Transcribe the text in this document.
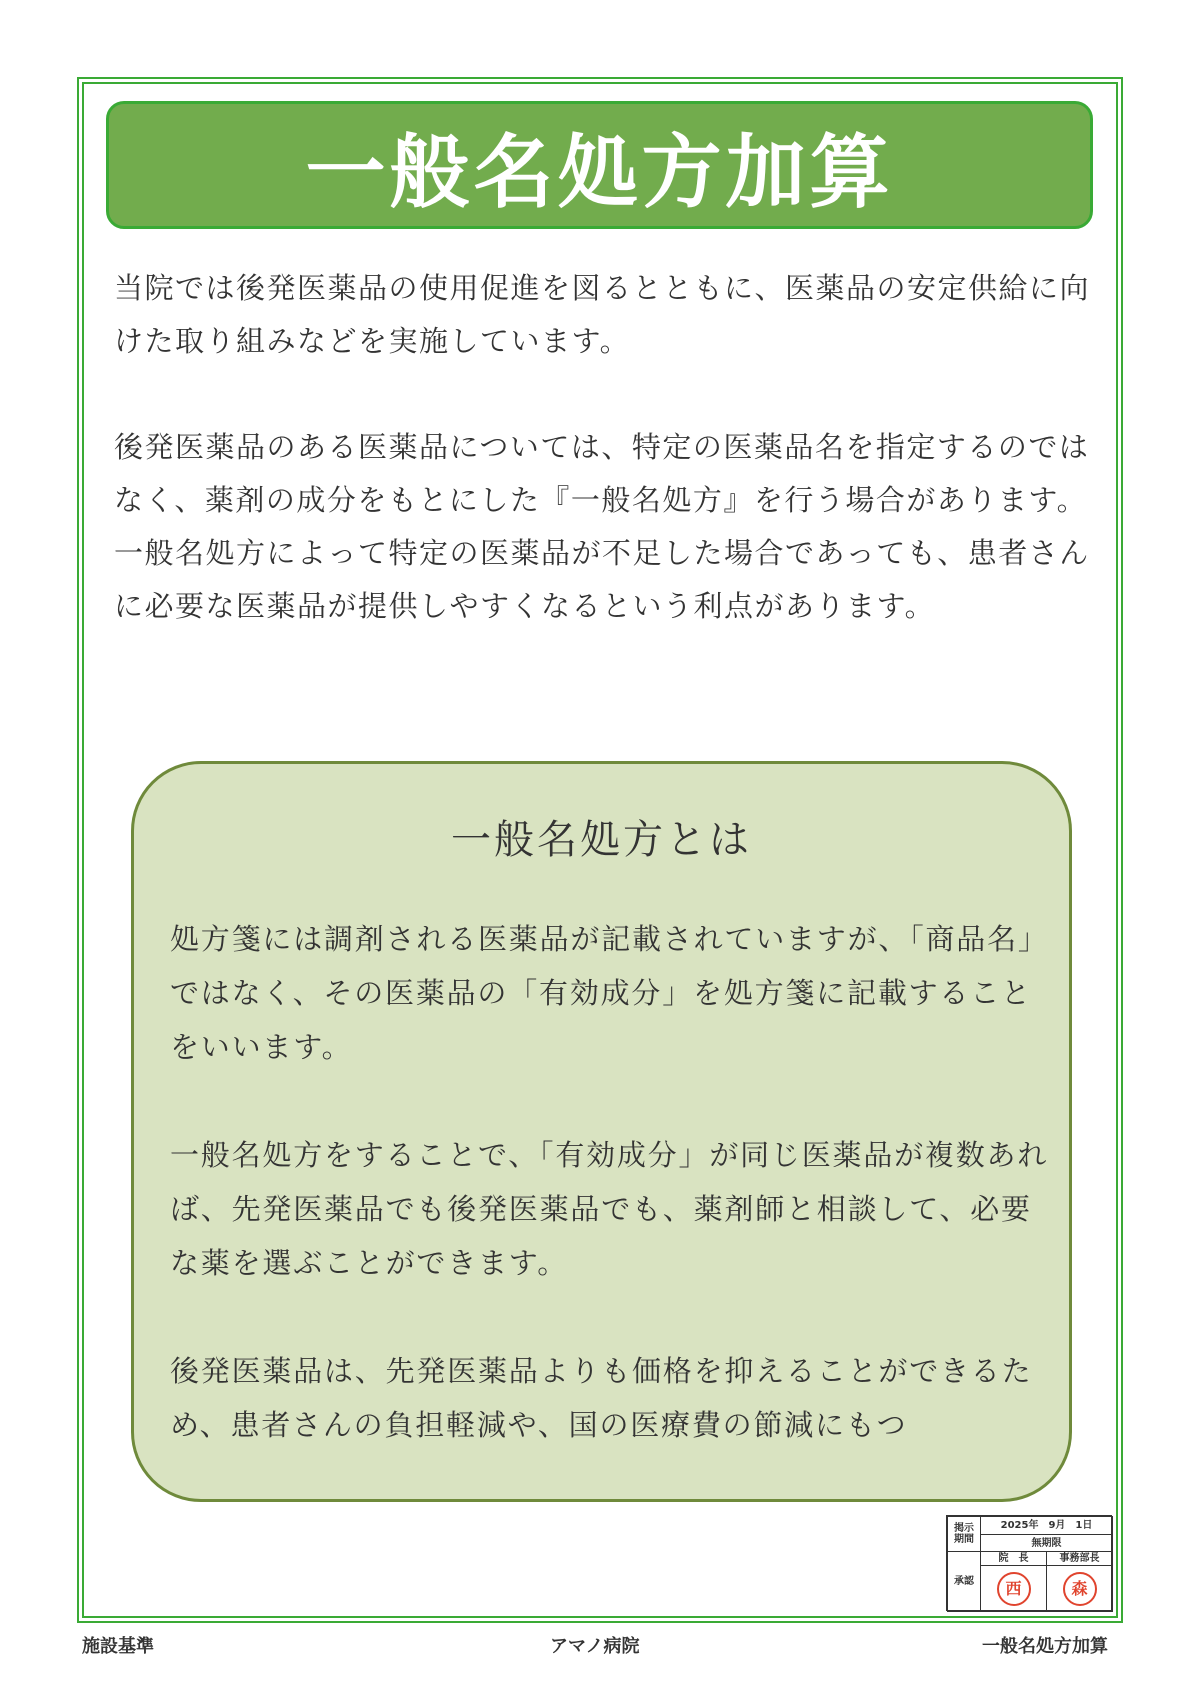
一般名処方加算

当院では後発医薬品の使用促進を図るとともに、医薬品の安定供給に向けた取り組みなどを実施しています。

後発医薬品のある医薬品については、特定の医薬品名を指定するのではなく、薬剤の成分をもとにした『一般名処方』を行う場合があります。

一般名処方によって特定の医薬品が不足した場合であっても、患者さんに必要な医薬品が提供しやすくなるという利点があります。

一般名処方とは

処方箋には調剤される医薬品が記載されていますが、「商品名」ではなく、その医薬品の「有効成分」を処方箋に記載することをいいます。

一般名処方をすることで、「有効成分」が同じ医薬品が複数あれば、先発医薬品でも後発医薬品でも、薬剤師と相談して、必要な薬を選ぶことができます。

後発医薬品は、先発医薬品よりも価格を抑えることができるため、患者さんの負担軽減や、国の医療費の節減にもつ

掲示期間
2025年　9月　1日
無期限
承認
院　長	事務部長
西	森
施設基準	アマノ病院	一般名処方加算
